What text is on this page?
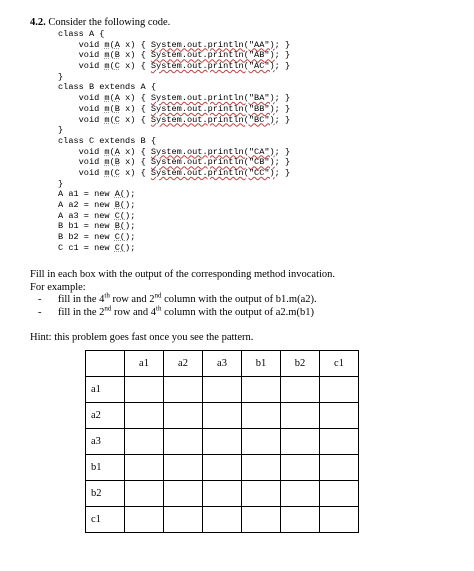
4.2. Consider the following code.
class A {
void m(A x) { System.out.println("AA"); }
void m(B x) { System.out.println("AB"); }
void m(C x) { System.out.println("AC"); }
}
class B extends A {
void m(A x) { System.out.println("BA"); }
void m(B x) { System.out.println("BB"); }
void m(C x) { System.out.println("BC"); }
}
class C extends B {
void m(A x) { System.out.println("CA"); }
void m(B x) { System.out.println("CB"); }
void m(C x) { System.out.println("CC"); }
}
A a1 = new A();
A a2 = new B();
A a3 = new C();
B b1 = new B();
B b2 = new C();
C c1 = new C();
Fill in each box with the output of the corresponding method invocation.
For example:
- fill in the 4th row and 2nd column with the output of b1.m(a2).
- fill in the 2nd row and 4th column with the output of a2.m(b1)
Hint: this problem goes fast once you see the pattern.
	a1	a2	a3	b1	b2	c1
a1						
a2						
a3						
b1						
b2						
c1						
